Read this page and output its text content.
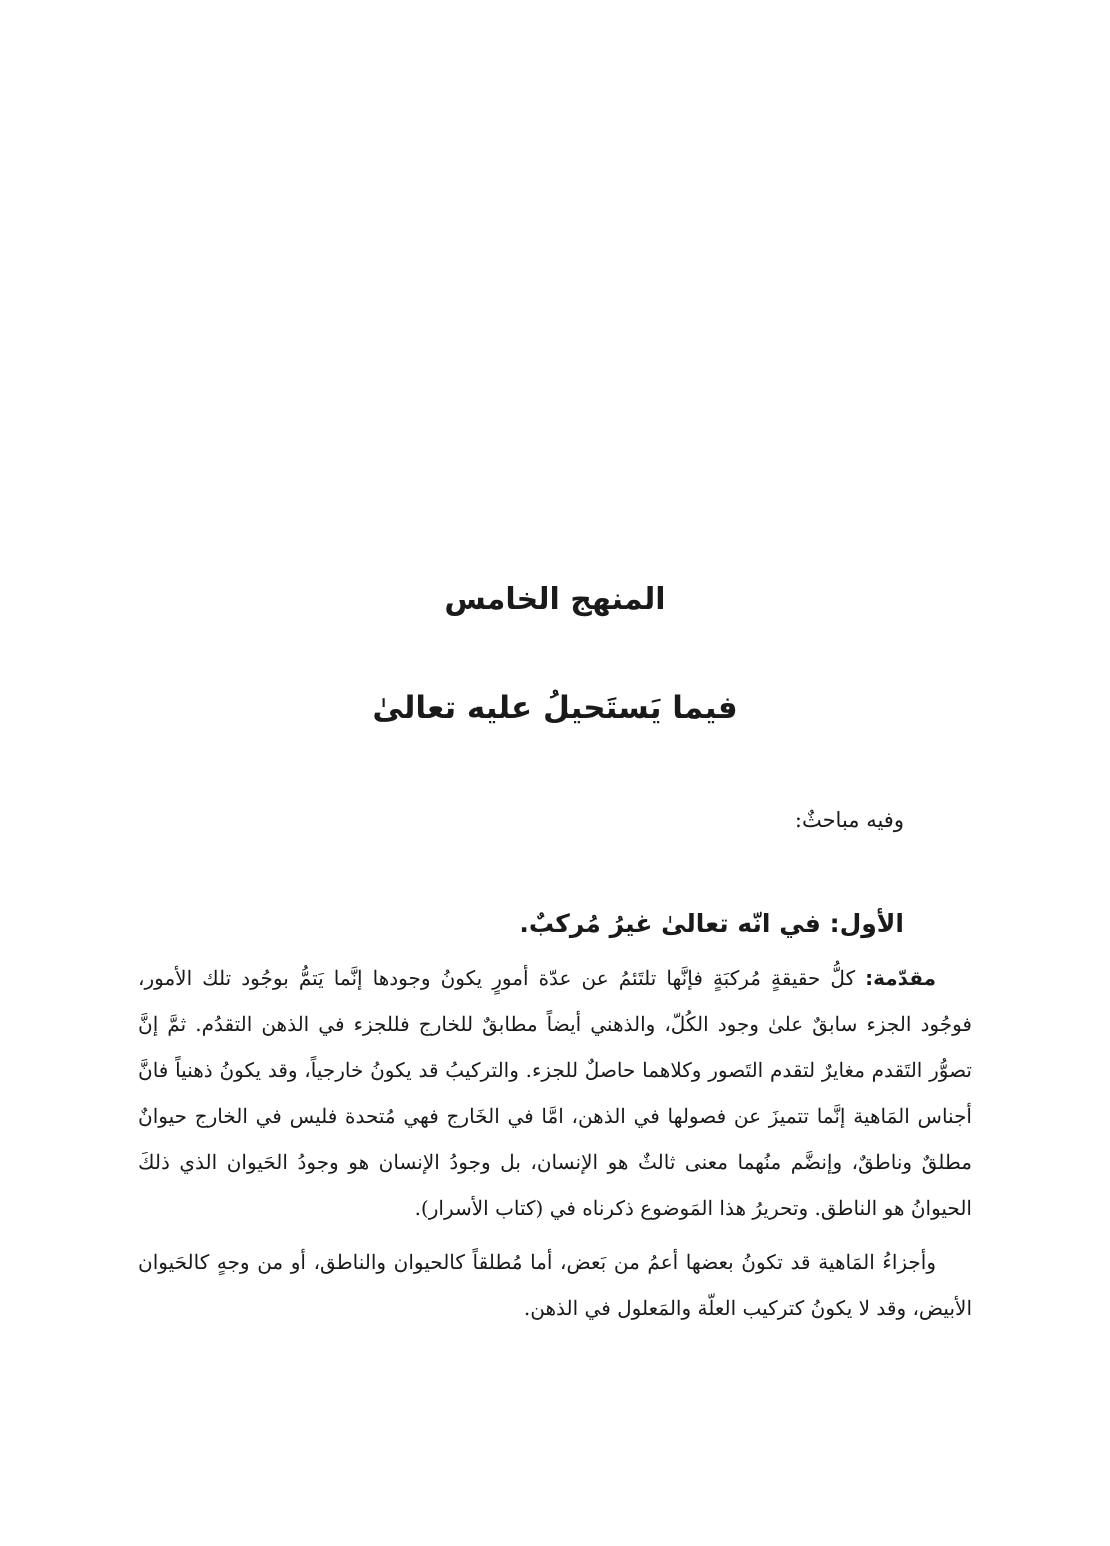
المنهج الخامس
فيما يَستَحيلُ عليه تعالىٰ

وفيه مباحثٌ:

الأول: في انّه تعالىٰ غيرُ مُركبٌ.

مقدّمة: كلُّ حقيقةٍ مُركبَةٍ فإنَّها تلتَئمُ عن عدّة أمورٍ يكونُ وجودها إنَّما يَتمُّ بوجُود تلك الأمور، فوجُود الجزء سابقٌ علىٰ وجود الكُلّ، والذهني أيضاً مطابقٌ للخارج فللجزء في الذهن التقدُم. ثمَّ إنَّ تصوُّر التَقدم مغايرٌ لتقدم التَصور وكلاهما حاصلٌ للجزء. والتركيبُ قد يكونُ خارجياً، وقد يكونُ ذهنياً فانَّ أجناس المَاهية إنَّما تتميزَ عن فصولها في الذهن، امَّا في الخَارج فهي مُتحدة فليس في الخارج حيوانٌ مطلقٌ وناطقٌ، وإنضَّم منُهما معنى ثالثٌ هو الإنسان، بل وجودُ الإنسان هو وجودُ الحَيوان الذي ذلكَ الحيوانُ هو الناطق. وتحريرُ هذا المَوضوع ذكرناه في (كتاب الأسرار).

وأجزاءُ المَاهية قد تكونُ بعضها أعمُ من بَعض، أما مُطلقاً كالحيوان والناطق، أو من وجهٍ كالحَيوان الأبيض، وقد لا يكونُ كتركيب العلّة والمَعلول في الذهن.
